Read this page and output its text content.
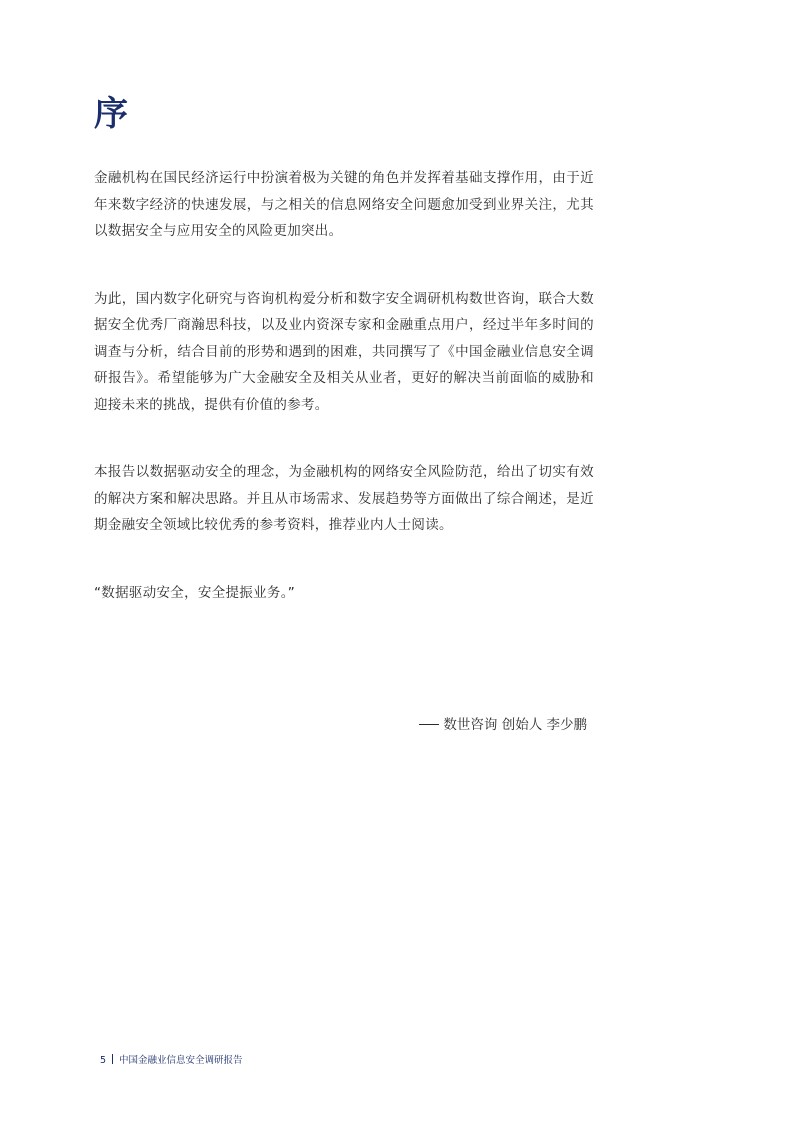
序

金融机构在国民经济运行中扮演着极为关键的角色并发挥着基础支撑作用，由于近年来数字经济的快速发展，与之相关的信息网络安全问题愈加受到业界关注，尤其以数据安全与应用安全的风险更加突出。

为此，国内数字化研究与咨询机构爱分析和数字安全调研机构数世咨询，联合大数据安全优秀厂商瀚思科技，以及业内资深专家和金融重点用户，经过半年多时间的调查与分析，结合目前的形势和遇到的困难，共同撰写了《中国金融业信息安全调研报告》。希望能够为广大金融安全及相关从业者，更好的解决当前面临的威胁和迎接未来的挑战，提供有价值的参考。

本报告以数据驱动安全的理念，为金融机构的网络安全风险防范，给出了切实有效的解决方案和解决思路。并且从市场需求、发展趋势等方面做出了综合阐述，是近期金融安全领域比较优秀的参考资料，推荐业内人士阅读。

“数据驱动安全，安全提振业务。”

数世咨询 创始人 李少鹏
5 中国金融业信息安全调研报告
